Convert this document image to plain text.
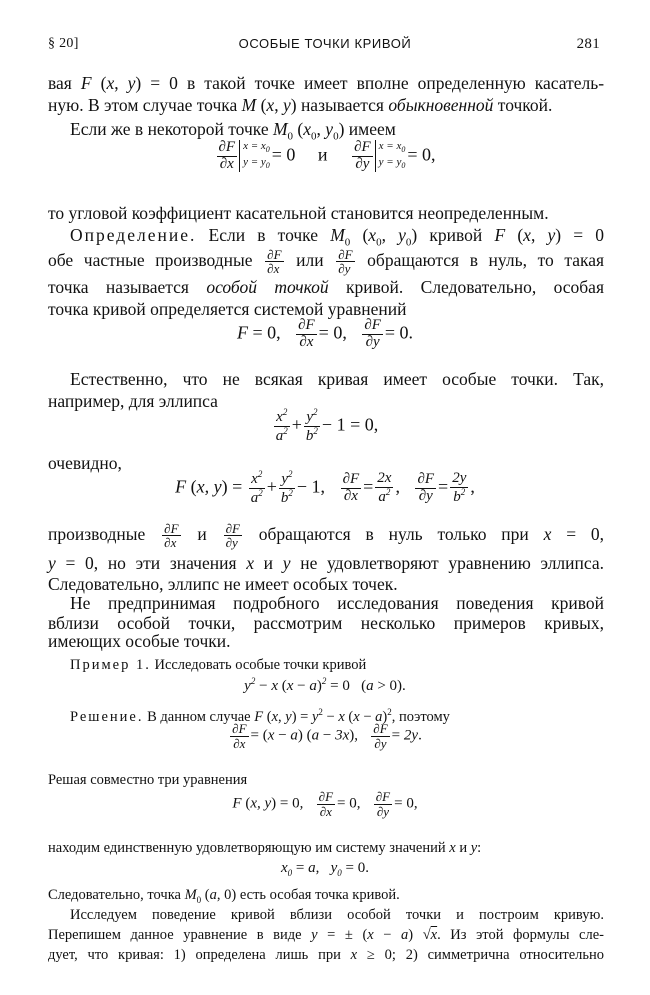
§ 20]	ОСОБЫЕ ТОЧКИ КРИВОЙ	281
вая F (x, y) = 0 в такой точке имеет вполне определенную касатель-
ную. В этом случае точка M (x, y) называется обыкновенной точкой.
Если же в некоторой точке $M_0$ ($x_0$, $y_0$) имеем
$\frac{\partial F}{\partial x}$ $x = x_0$
$y = y_0$
= 0 и $\frac{\partial F}{\partial y}$ $x = x_0$
$y = y_0$
= 0,
то угловой коэффициент касательной становится неопределенным.
Определение. Если в точке $M_0$ ($x_0$, $y_0$) кривой F (x, y) = 0
обе частные производные $\frac{\partial F}{\partial x}$ или $\frac{\partial F}{\partial y}$ обращаются в нуль, то такая
точка называется особой точкой кривой. Следовательно, особая
точка кривой определяется системой уравнений
F = 0, $\frac{\partial F}{\partial x} = 0$, $\frac{\partial F}{\partial y} = 0$.
Естественно, что не всякая кривая имеет особые точки. Так,
например, для эллипса
$\frac{x^2}{a^2} + \frac{y^2}{b^2} - 1 = 0$,
очевидно,
F (x, $y) = \frac{x^2}{a^2} + \frac{y^2}{b^2} - 1$, $\frac{\partial F}{\partial x} = \frac{2x}{a^2}$ , $\frac{\partial F}{\partial y} = \frac{2y}{b^2}$ ,
производные $\frac{\partial F}{\partial x}$ и $\frac{\partial F}{\partial y}$ обращаются в нуль только при x = 0,
y = 0, но эти значения x и y не удовлетворяют уравнению эллипса.
Следовательно, эллипс не имеет особых точек.
Не предпринимая подробного исследования поведения кривой
вблизи особой точки, рассмотрим несколько примеров кривых,
имеющих особые точки.
Пример 1. Исследовать особые точки кривой
$y^2 - x$ $(x - a)^2 = 0$ (a > 0).
Решение. В данном случае F (x, $y) = y^2 - x$ $(x - a)^2$, поэтому
$\frac{\partial F}{\partial x} = (x - a) (a - 3x)$, $\frac{\partial F}{\partial y} = 2y$.
Решая совместно три уравнения
F (x, y) = 0, $\frac{\partial F}{\partial x} = 0$, $\frac{\partial F}{\partial y} = 0$,
находим единственную удовлетворяющую им систему значений x и y:
$x_0 = a$,   $y_0 = 0$.
Следовательно, точка $M_0$ (a, 0) есть особая точка кривой.
Исследуем поведение кривой вблизи особой точки и построим кривую.
Перепишем данное уравнение в виде y = ± (x − a) √x. Из этой формулы сле-
дует, что кривая: 1) определена лишь при x ≥ 0; 2) симметрична относительно
